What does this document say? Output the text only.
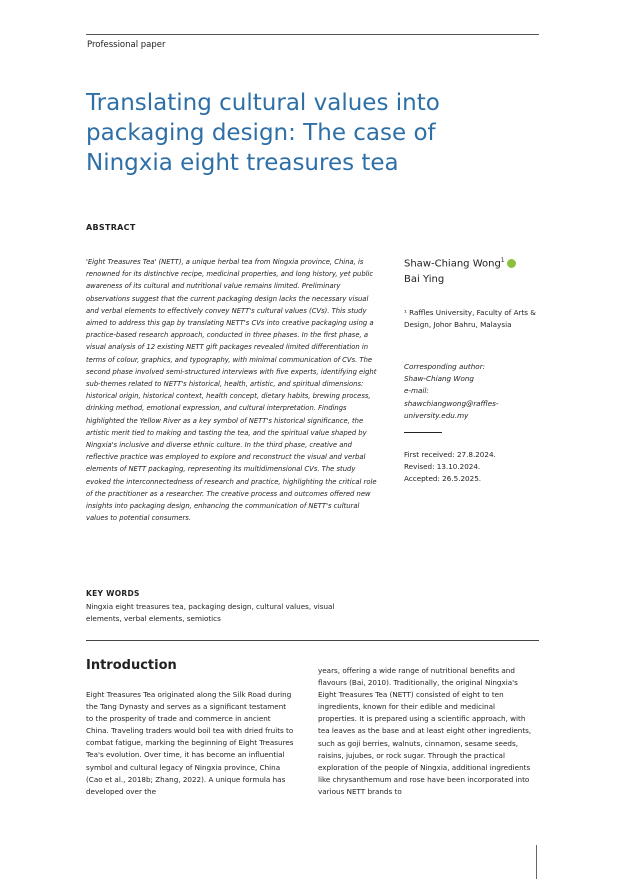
Professional paper
Translating cultural values into packaging design: The case of Ningxia eight treasures tea
ABSTRACT

'Eight Treasures Tea' (NETT), a unique herbal tea from Ningxia province, China, is renowned for its distinctive recipe, medicinal properties, and long history, yet public awareness of its cultural and nutritional value remains limited. Preliminary observations suggest that the current packaging design lacks the necessary visual and verbal elements to effectively convey NETT's cultural values (CVs). This study aimed to address this gap by translating NETT's CVs into creative packaging using a practice-based research approach, conducted in three phases. In the first phase, a visual analysis of 12 existing NETT gift packages revealed limited differentiation in terms of colour, graphics, and typography, with minimal communication of CVs. The second phase involved semi-structured interviews with five experts, identifying eight sub-themes related to NETT's historical, health, artistic, and spiritual dimensions: historical origin, historical context, health concept, dietary habits, brewing process, drinking method, emotional expression, and cultural interpretation. Findings highlighted the Yellow River as a key symbol of NETT's historical significance, the artistic merit tied to making and tasting the tea, and the spiritual value shaped by Ningxia's inclusive and diverse ethnic culture. In the third phase, creative and reflective practice was employed to explore and reconstruct the visual and verbal elements of NETT packaging, representing its multidimensional CVs. The study evoked the interconnectedness of research and practice, highlighting the critical role of the practitioner as a researcher. The creative process and outcomes offered new insights into packaging design, enhancing the communication of NETT's cultural values to potential consumers.

Shaw-Chiang Wong$^1$
Bai Ying
¹ Raffles University, Faculty of Arts & Design, Johor Bahru, Malaysia
Corresponding author:
Shaw-Chiang Wong
e-mail:
shawchiangwong@raffles-university.edu.my
First received: 27.8.2024.
Revised: 13.10.2024.
Accepted: 26.5.2025.
KEY WORDS
Ningxia eight treasures tea, packaging design, cultural values, visual elements, verbal elements, semiotics
Introduction

Eight Treasures Tea originated along the Silk Road during the Tang Dynasty and serves as a significant testament to the prosperity of trade and commerce in ancient China. Traveling traders would boil tea with dried fruits to combat fatigue, marking the beginning of Eight Treasures Tea's evolution. Over time, it has become an influential symbol and cultural legacy of Ningxia province, China (Cao et al., 2018b; Zhang, 2022). A unique formula has developed over the

years, offering a wide range of nutritional benefits and flavours (Bai, 2010). Traditionally, the original Ningxia's Eight Treasures Tea (NETT) consisted of eight to ten ingredients, known for their edible and medicinal properties. It is prepared using a scientific approach, with tea leaves as the base and at least eight other ingredients, such as goji berries, walnuts, cinnamon, sesame seeds, raisins, jujubes, or rock sugar. Through the practical exploration of the people of Ningxia, additional ingredients like chrysanthemum and rose have been incorporated into various NETT brands to
